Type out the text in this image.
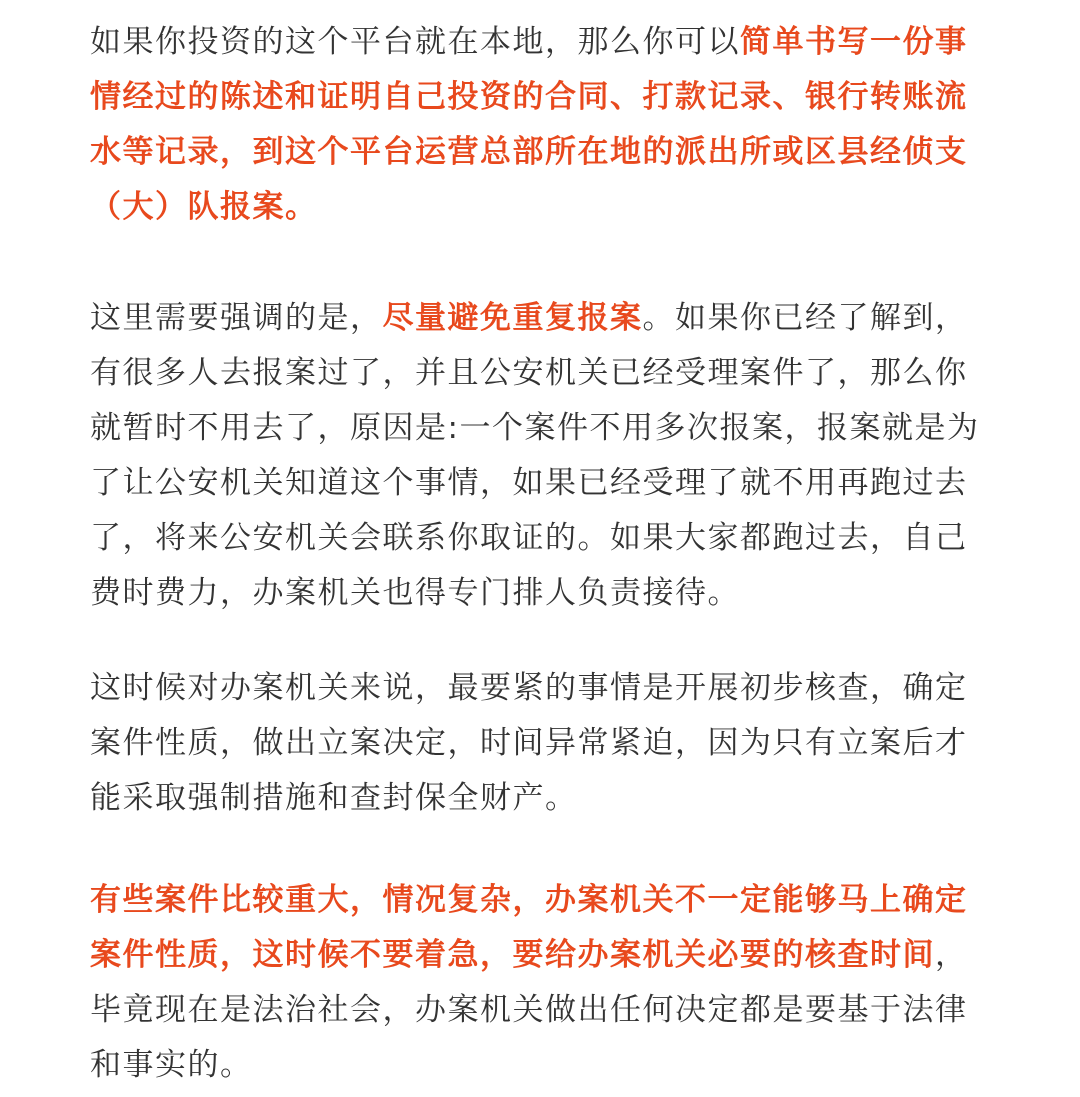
如果你投资的这个平台就在本地，那么你可以简单书写一份事
情经过的陈述和证明自己投资的合同、打款记录、银行转账流
水等记录，到这个平台运营总部所在地的派出所或区县经侦支
（大）队报案。

这里需要强调的是，尽量避免重复报案。如果你已经了解到，
有很多人去报案过了，并且公安机关已经受理案件了，那么你
就暂时不用去了，原因是:一个案件不用多次报案，报案就是为
了让公安机关知道这个事情，如果已经受理了就不用再跑过去
了，将来公安机关会联系你取证的。如果大家都跑过去，自己
费时费力，办案机关也得专门排人负责接待。

这时候对办案机关来说，最要紧的事情是开展初步核查，确定
案件性质，做出立案决定，时间异常紧迫，因为只有立案后才
能采取强制措施和查封保全财产。

有些案件比较重大，情况复杂，办案机关不一定能够马上确定
案件性质，这时候不要着急，要给办案机关必要的核查时间，
毕竟现在是法治社会，办案机关做出任何决定都是要基于法律
和事实的。
